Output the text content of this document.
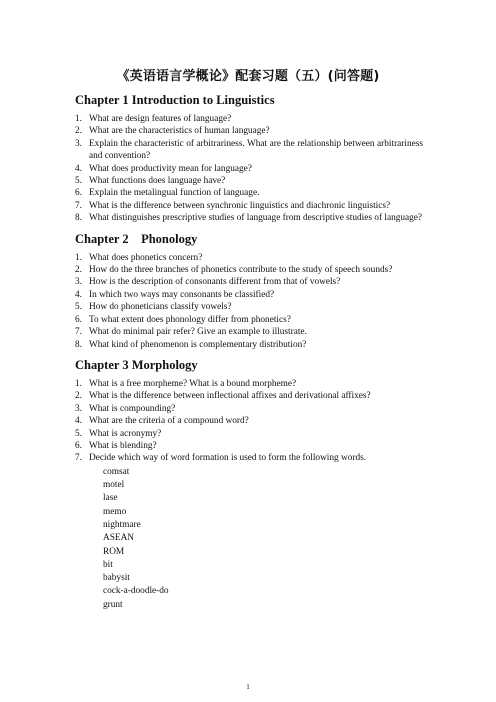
《英语语言学概论》配套习题（五）(问答题)
Chapter 1 Introduction to Linguistics
1. What are design features of language?
2. What are the characteristics of human language?
3. Explain the characteristic of arbitrariness. What are the relationship between arbitrariness and convention?
4. What does productivity mean for language?
5. What functions does language have?
6. Explain the metalingual function of language.
7. What is the difference between synchronic linguistics and diachronic linguistics?
8. What distinguishes prescriptive studies of language from descriptive studies of language?
Chapter 2    Phonology
1. What does phonetics concern?
2. How do the three branches of phonetics contribute to the study of speech sounds?
3. How is the description of consonants different from that of vowels?
4. In which two ways may consonants be classified?
5. How do phoneticians classify vowels?
6. To what extent does phonology differ from phonetics?
7. What do minimal pair refer? Give an example to illustrate.
8. What kind of phenomenon is complementary distribution?
Chapter 3 Morphology
1. What is a free morpheme? What is a bound morpheme?
2. What is the difference between inflectional affixes and derivational affixes?
3. What is compounding?
4. What are the criteria of a compound word?
5. What is acronymy?
6. What is blending?
7. Decide which way of word formation is used to form the following words.
comsat
motel
lase
memo
nightmare
ASEAN
ROM
bit
babysit
cock-a-doodle-do
grunt
1
